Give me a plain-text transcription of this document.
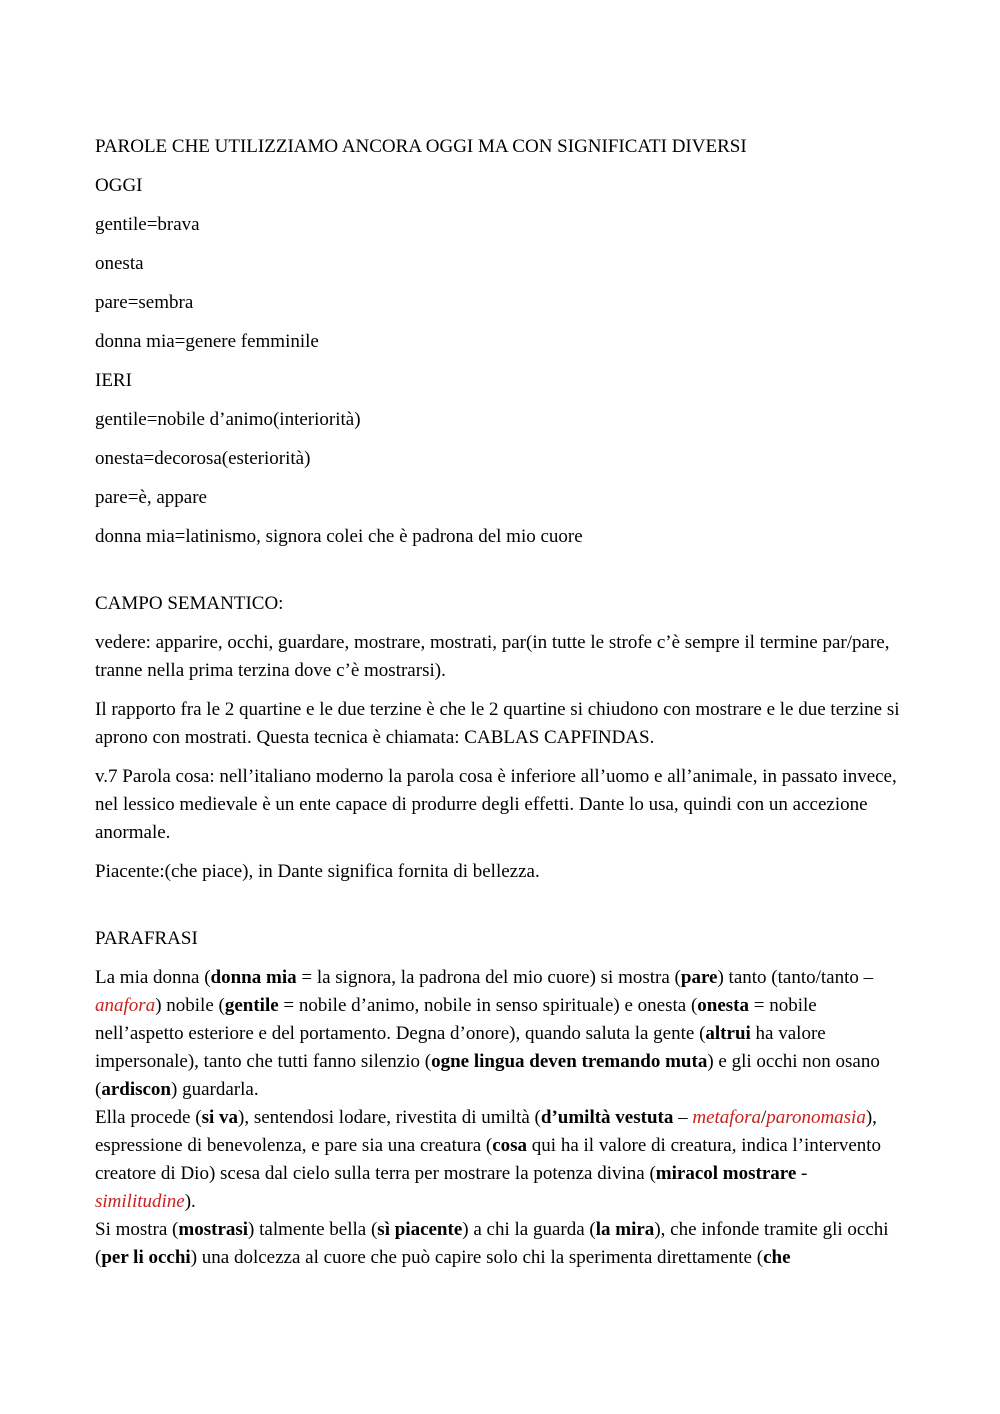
PAROLE CHE UTILIZZIAMO ANCORA OGGI MA CON SIGNIFICATI DIVERSI

OGGI

gentile=brava

onesta

pare=sembra

donna mia=genere femminile

IERI

gentile=nobile d’animo(interiorità)

onesta=decorosa(esteriorità)

pare=è, appare

donna mia=latinismo, signora colei che è padrona del mio cuore

CAMPO SEMANTICO:

vedere: apparire, occhi, guardare, mostrare, mostrati, par(in tutte le strofe c’è sempre il termine par/pare, tranne nella prima terzina dove c’è mostrarsi).

Il rapporto fra le 2 quartine e le due terzine è che le 2 quartine si chiudono con mostrare e le due terzine si aprono con mostrati. Questa tecnica è chiamata: CABLAS CAPFINDAS.

v.7 Parola cosa: nell’italiano moderno la parola cosa è inferiore all’uomo e all’animale, in passato invece, nel lessico medievale è un ente capace di produrre degli effetti. Dante lo usa, quindi con un accezione anormale.

Piacente:(che piace), in Dante significa fornita di bellezza.

PARAFRASI

La mia donna (donna mia = la signora, la padrona del mio cuore) si mostra (pare) tanto (tanto/tanto – anafora) nobile (gentile = nobile d’animo, nobile in senso spirituale) e onesta (onesta = nobile nell’aspetto esteriore e del portamento. Degna d’onore), quando saluta la gente (altrui ha valore impersonale), tanto che tutti fanno silenzio (ogne lingua deven tremando muta) e gli occhi non osano (ardiscon) guardarla.

Ella procede (si va), sentendosi lodare, rivestita di umiltà (d’umiltà vestuta – metafora/paronomasia), espressione di benevolenza, e pare sia una creatura (cosa qui ha il valore di creatura, indica l’intervento creatore di Dio) scesa dal cielo sulla terra per mostrare la potenza divina (miracol mostrare - similitudine).

Si mostra (mostrasi) talmente bella (sì piacente) a chi la guarda (la mira), che infonde tramite gli occhi (per li occhi) una dolcezza al cuore che può capire solo chi la sperimenta direttamente (che
